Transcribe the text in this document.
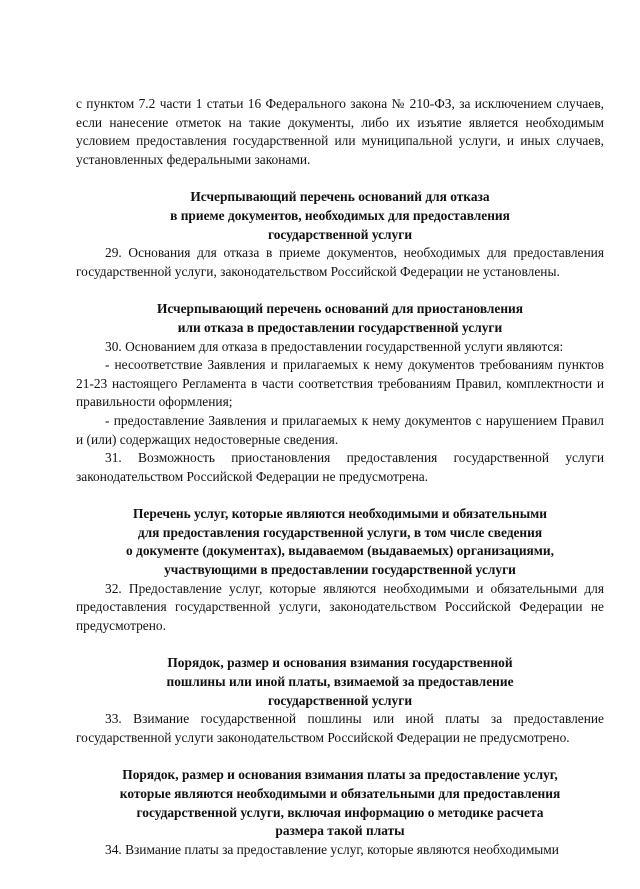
с пунктом 7.2 части 1 статьи 16 Федерального закона № 210-ФЗ, за исключением случаев, если нанесение отметок на такие документы, либо их изъятие является необходимым условием предоставления государственной или муниципальной услуги, и иных случаев, установленных федеральными законами.

Исчерпывающий перечень оснований для отказа

в приеме документов, необходимых для предоставления

государственной услуги

29. Основания для отказа в приеме документов, необходимых для предоставления государственной услуги, законодательством Российской Федерации не установлены.

Исчерпывающий перечень оснований для приостановления

или отказа в предоставлении государственной услуги

30. Основанием для отказа в предоставлении государственной услуги являются:

- несоответствие Заявления и прилагаемых к нему документов требованиям пунктов 21-23 настоящего Регламента в части соответствия требованиям Правил, комплектности и правильности оформления;

- предоставление Заявления и прилагаемых к нему документов с нарушением Правил и (или) содержащих недостоверные сведения.

31. Возможность приостановления предоставления государственной услуги законодательством Российской Федерации не предусмотрена.

Перечень услуг, которые являются необходимыми и обязательными

для предоставления государственной услуги, в том числе сведения

о документе (документах), выдаваемом (выдаваемых) организациями,

участвующими в предоставлении государственной услуги

32. Предоставление услуг, которые являются необходимыми и обязательными для предоставления государственной услуги, законодательством Российской Федерации не предусмотрено.

Порядок, размер и основания взимания государственной

пошлины или иной платы, взимаемой за предоставление

государственной услуги

33. Взимание государственной пошлины или иной платы за предоставление государственной услуги законодательством Российской Федерации не предусмотрено.

Порядок, размер и основания взимания платы за предоставление услуг,

которые являются необходимыми и обязательными для предоставления

государственной услуги, включая информацию о методике расчета

размера такой платы

34. Взимание платы за предоставление услуг, которые являются необходимыми
